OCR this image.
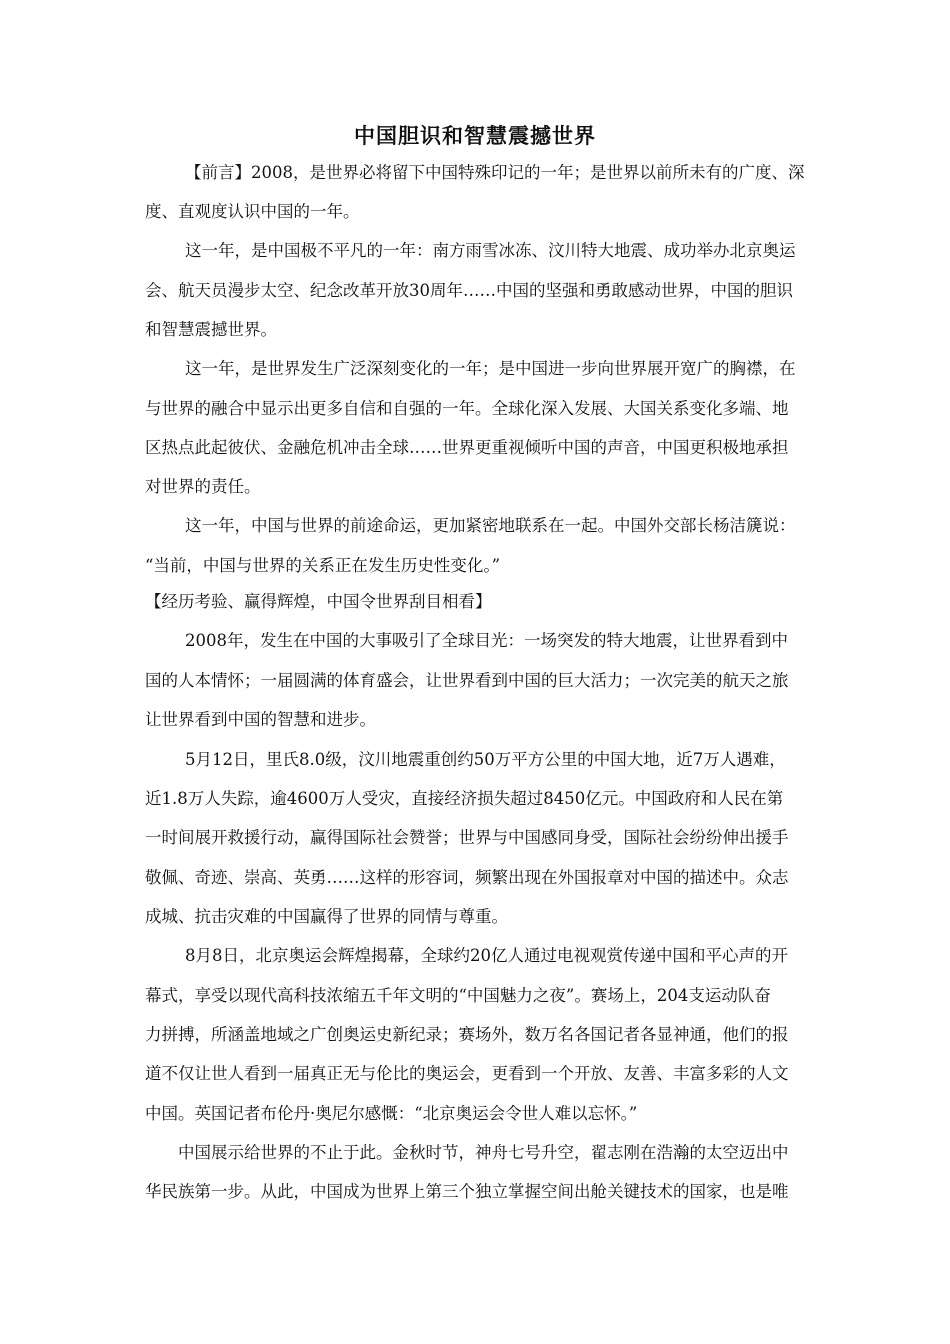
中国胆识和智慧震撼世界
【前言】2008，是世界必将留下中国特殊印记的一年；是世界以前所未有的广度、深
度、直观度认识中国的一年。
这一年，是中国极不平凡的一年：南方雨雪冰冻、汶川特大地震、成功举办北京奥运
会、航天员漫步太空、纪念改革开放30周年……中国的坚强和勇敢感动世界，中国的胆识
和智慧震撼世界。
这一年，是世界发生广泛深刻变化的一年；是中国进一步向世界展开宽广的胸襟，在
与世界的融合中显示出更多自信和自强的一年。全球化深入发展、大国关系变化多端、地
区热点此起彼伏、金融危机冲击全球……世界更重视倾听中国的声音，中国更积极地承担
对世界的责任。
这一年，中国与世界的前途命运，更加紧密地联系在一起。中国外交部长杨洁篪说：
“当前，中国与世界的关系正在发生历史性变化。”
【经历考验、赢得辉煌，中国令世界刮目相看】
2008年，发生在中国的大事吸引了全球目光：一场突发的特大地震，让世界看到中
国的人本情怀；一届圆满的体育盛会，让世界看到中国的巨大活力；一次完美的航天之旅
让世界看到中国的智慧和进步。
5月12日，里氏8.0级，汶川地震重创约50万平方公里的中国大地，近7万人遇难，
近1.8万人失踪，逾4600万人受灾，直接经济损失超过8450亿元。中国政府和人民在第
一时间展开救援行动，赢得国际社会赞誉；世界与中国感同身受，国际社会纷纷伸出援手
敬佩、奇迹、崇高、英勇……这样的形容词，频繁出现在外国报章对中国的描述中。众志
成城、抗击灾难的中国赢得了世界的同情与尊重。
8月8日，北京奥运会辉煌揭幕，全球约20亿人通过电视观赏传递中国和平心声的开
幕式，享受以现代高科技浓缩五千年文明的“中国魅力之夜”。赛场上，204支运动队奋
力拼搏，所涵盖地域之广创奥运史新纪录；赛场外，数万名各国记者各显神通，他们的报
道不仅让世人看到一届真正无与伦比的奥运会，更看到一个开放、友善、丰富多彩的人文
中国。英国记者布伦丹·奥尼尔感慨：“北京奥运会令世人难以忘怀。”
中国展示给世界的不止于此。金秋时节，神舟七号升空，翟志刚在浩瀚的太空迈出中
华民族第一步。从此，中国成为世界上第三个独立掌握空间出舱关键技术的国家，也是唯
